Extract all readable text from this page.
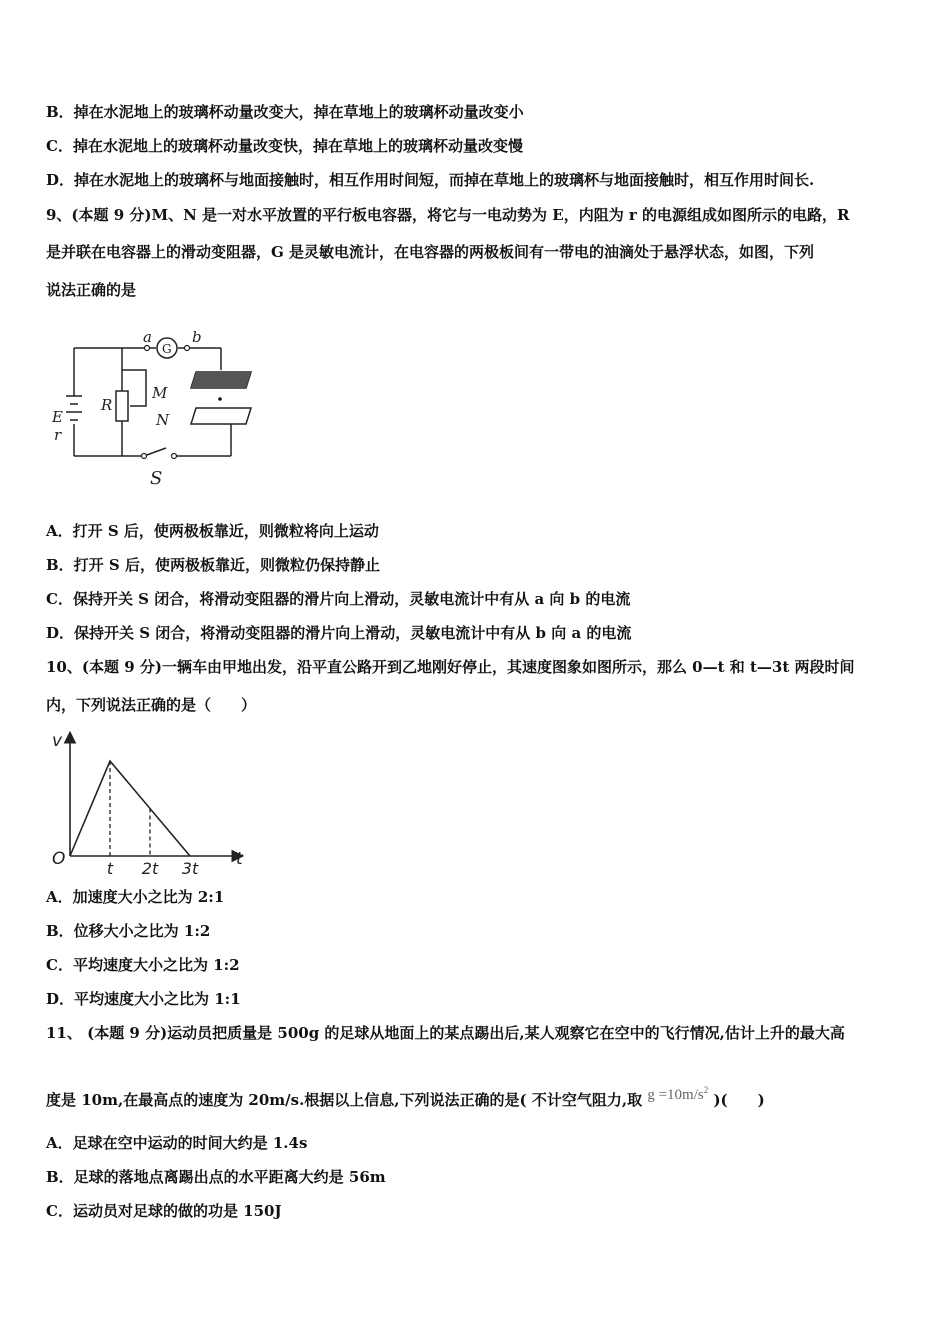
B．掉在水泥地上的玻璃杯动量改变大，掉在草地上的玻璃杯动量改变小
C．掉在水泥地上的玻璃杯动量改变快，掉在草地上的玻璃杯动量改变慢
D．掉在水泥地上的玻璃杯与地面接触时，相互作用时间短，而掉在草地上的玻璃杯与地面接触时，相互作用时间长.
9、(本题 9 分)M、N 是一对水平放置的平行板电容器，将它与一电动势为 E，内阻为 r 的电源组成如图所示的电路，R
是并联在电容器上的滑动变阻器，G 是灵敏电流计，在电容器的两极板间有一带电的油滴处于悬浮状态，如图，下列
说法正确的是
a
G
b
M
N
R
E
r
S
A．打开 S 后，使两极板靠近，则微粒将向上运动
B．打开 S 后，使两极板靠近，则微粒仍保持静止
C．保持开关 S 闭合，将滑动变阻器的滑片向上滑动，灵敏电流计中有从 a 向 b 的电流
D．保持开关 S 闭合，将滑动变阻器的滑片向上滑动，灵敏电流计中有从 b 向 a 的电流
10、(本题 9 分)一辆车由甲地出发，沿平直公路开到乙地刚好停止，其速度图象如图所示，那么 0—t 和 t—3t 两段时间
内，下列说法正确的是（　　）
v
t
O	t 2t 3t
A．加速度大小之比为 2:1
B．位移大小之比为 1:2
C．平均速度大小之比为 1:2
D．平均速度大小之比为 1:1
11、 (本题 9 分)运动员把质量是 500g 的足球从地面上的某点踢出后,某人观察它在空中的飞行情况,估计上升的最大高
度是 10m,在最高点的速度为 20m/s.根据以上信息,下列说法正确的是( 不计空气阻力,取 $g =10m/s^2$ )(　　)
A．足球在空中运动的时间大约是 1.4s
B．足球的落地点离踢出点的水平距离大约是 56m
C．运动员对足球的做的功是 150J
